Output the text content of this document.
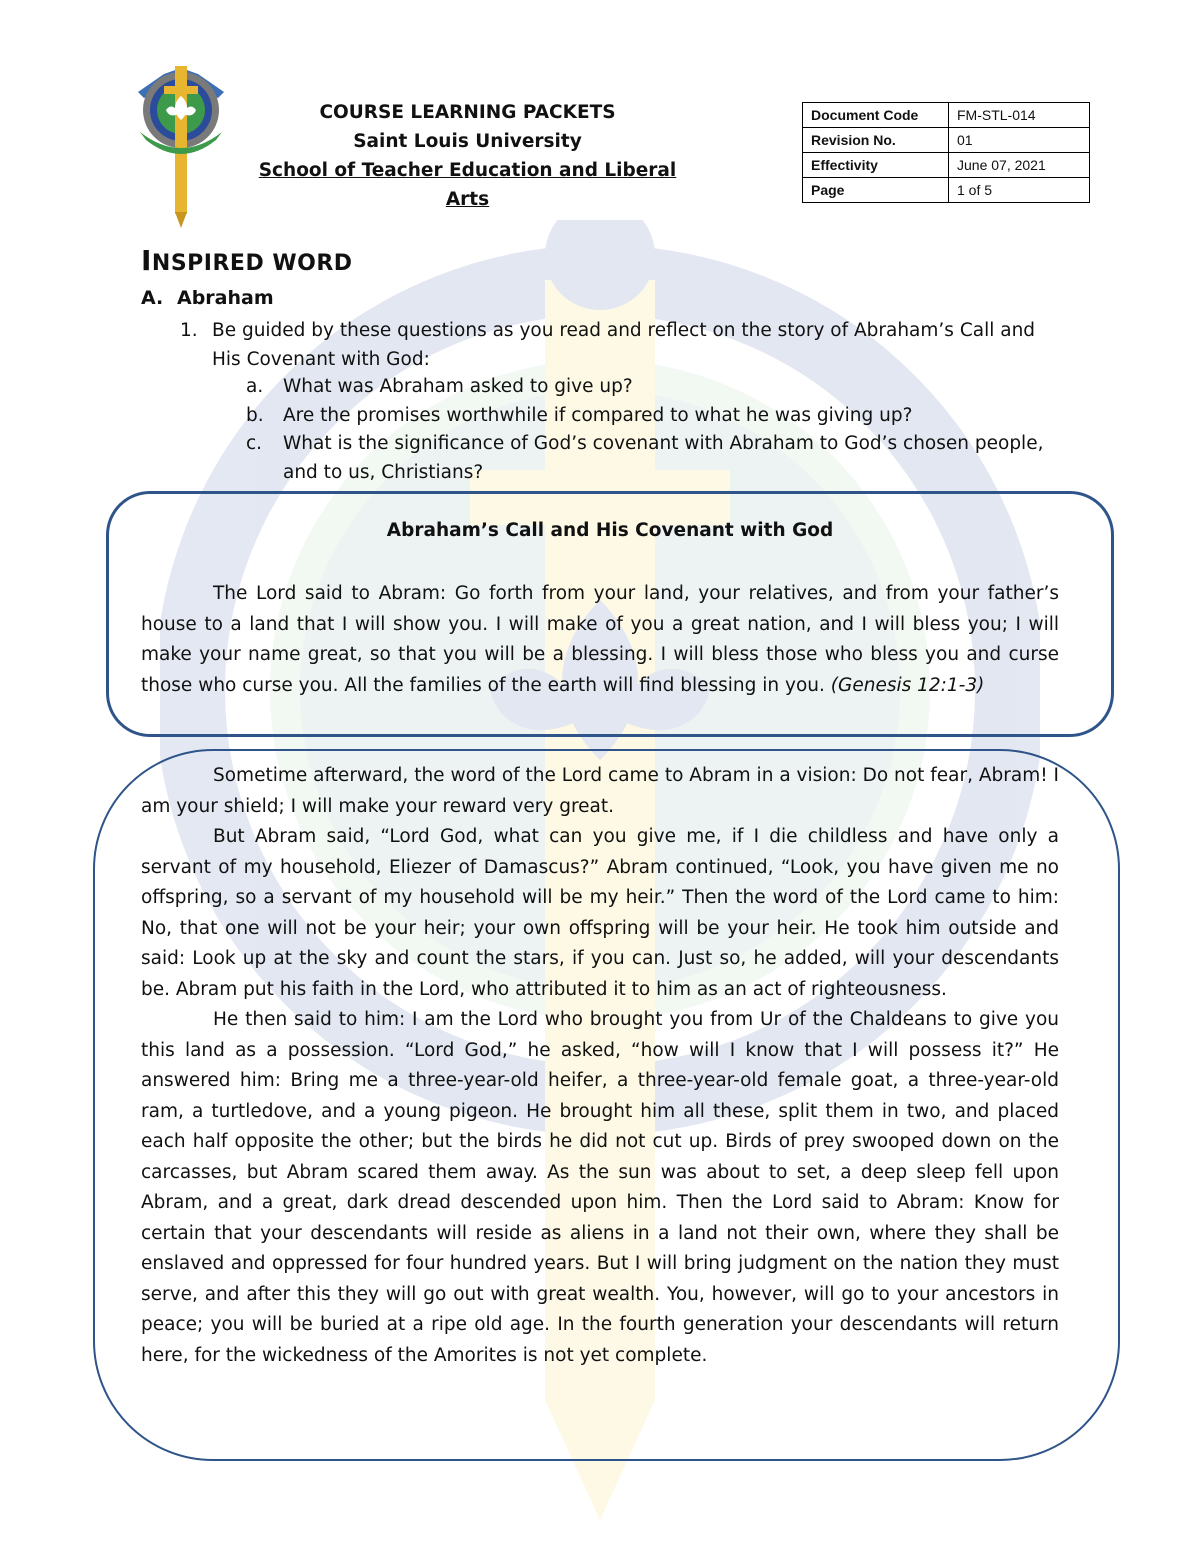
COURSE LEARNING PACKETS
Saint Louis University
School of Teacher Education and Liberal Arts
Document Code	FM-STL-014
Revision No.	01
Effectivity	June 07, 2021
Page	1 of 5
INSPIRED WORD
A. Abraham
1. Be guided by these questions as you read and reflect on the story of Abraham’s Call and His Covenant with God:
a. What was Abraham asked to give up?
b. Are the promises worthwhile if compared to what he was giving up?
c. What is the significance of God’s covenant with Abraham to God’s chosen people, and to us, Christians?
Abraham’s Call and His Covenant with God

The Lord said to Abram: Go forth from your land, your relatives, and from your father’s house to a land that I will show you. I will make of you a great nation, and I will bless you; I will make your name great, so that you will be a blessing. I will bless those who bless you and curse those who curse you. All the families of the earth will find blessing in you. (Genesis 12:1-3)

Sometime afterward, the word of the Lord came to Abram in a vision: Do not fear, Abram! I am your shield; I will make your reward very great.

But Abram said, “Lord God, what can you give me, if I die childless and have only a servant of my household, Eliezer of Damascus?” Abram continued, “Look, you have given me no offspring, so a servant of my household will be my heir.” Then the word of the Lord came to him: No, that one will not be your heir; your own offspring will be your heir. He took him outside and said: Look up at the sky and count the stars, if you can. Just so, he added, will your descendants be. Abram put his faith in the Lord, who attributed it to him as an act of righteousness.

He then said to him: I am the Lord who brought you from Ur of the Chaldeans to give you this land as a possession. “Lord God,” he asked, “how will I know that I will possess it?” He answered him: Bring me a three-year-old heifer, a three-year-old female goat, a three-year-old ram, a turtledove, and a young pigeon. He brought him all these, split them in two, and placed each half opposite the other; but the birds he did not cut up. Birds of prey swooped down on the carcasses, but Abram scared them away. As the sun was about to set, a deep sleep fell upon Abram, and a great, dark dread descended upon him. Then the Lord said to Abram: Know for certain that your descendants will reside as aliens in a land not their own, where they shall be enslaved and oppressed for four hundred years. But I will bring judgment on the nation they must serve, and after this they will go out with great wealth. You, however, will go to your ancestors in peace; you will be buried at a ripe old age. In the fourth generation your descendants will return here, for the wickedness of the Amorites is not yet complete.
